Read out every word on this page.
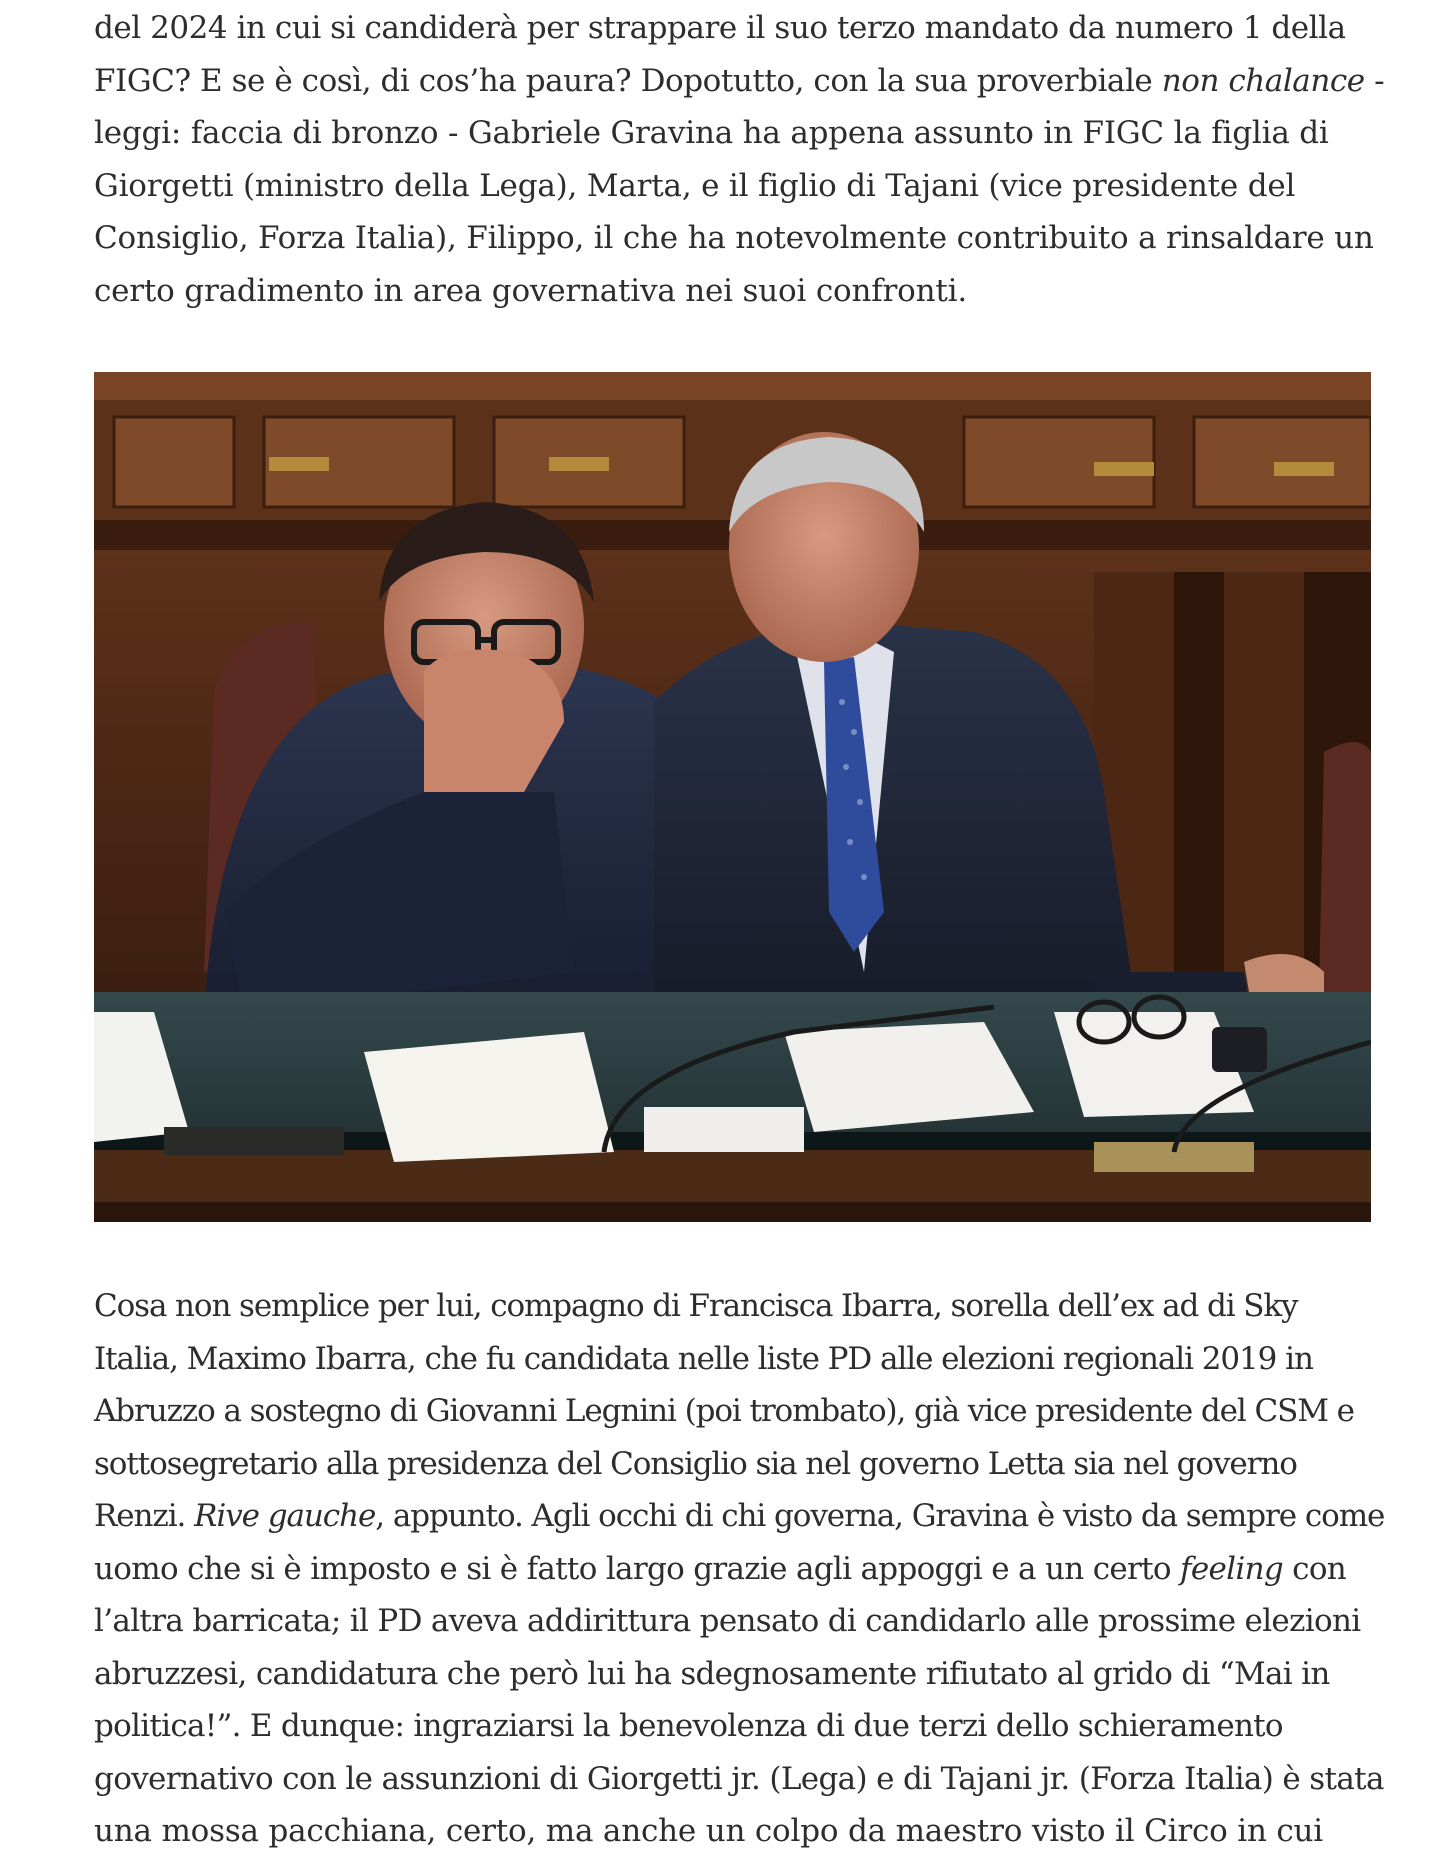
del 2024 in cui si candiderà per strappare il suo terzo mandato da numero 1 della
FIGC? E se è così, di cos’ha paura? Dopotutto, con la sua proverbiale non chalance -
leggi: faccia di bronzo - Gabriele Gravina ha appena assunto in FIGC la figlia di
Giorgetti (ministro della Lega), Marta, e il figlio di Tajani (vice presidente del
Consiglio, Forza Italia), Filippo, il che ha notevolmente contribuito a rinsaldare un
certo gradimento in area governativa nei suoi confronti.

Cosa non semplice per lui, compagno di Francisca Ibarra, sorella dell’ex ad di Sky
Italia, Maximo Ibarra, che fu candidata nelle liste PD alle elezioni regionali 2019 in
Abruzzo a sostegno di Giovanni Legnini (poi trombato), già vice presidente del CSM e
sottosegretario alla presidenza del Consiglio sia nel governo Letta sia nel governo
Renzi. Rive gauche, appunto. Agli occhi di chi governa, Gravina è visto da sempre come
uomo che si è imposto e si è fatto largo grazie agli appoggi e a un certo feeling con
l’altra barricata; il PD aveva addirittura pensato di candidarlo alle prossime elezioni
abruzzesi, candidatura che però lui ha sdegnosamente rifiutato al grido di “Mai in
politica!”. E dunque: ingraziarsi la benevolenza di due terzi dello schieramento
governativo con le assunzioni di Giorgetti jr. (Lega) e di Tajani jr. (Forza Italia) è stata
una mossa pacchiana, certo, ma anche un colpo da maestro visto il Circo in cui
